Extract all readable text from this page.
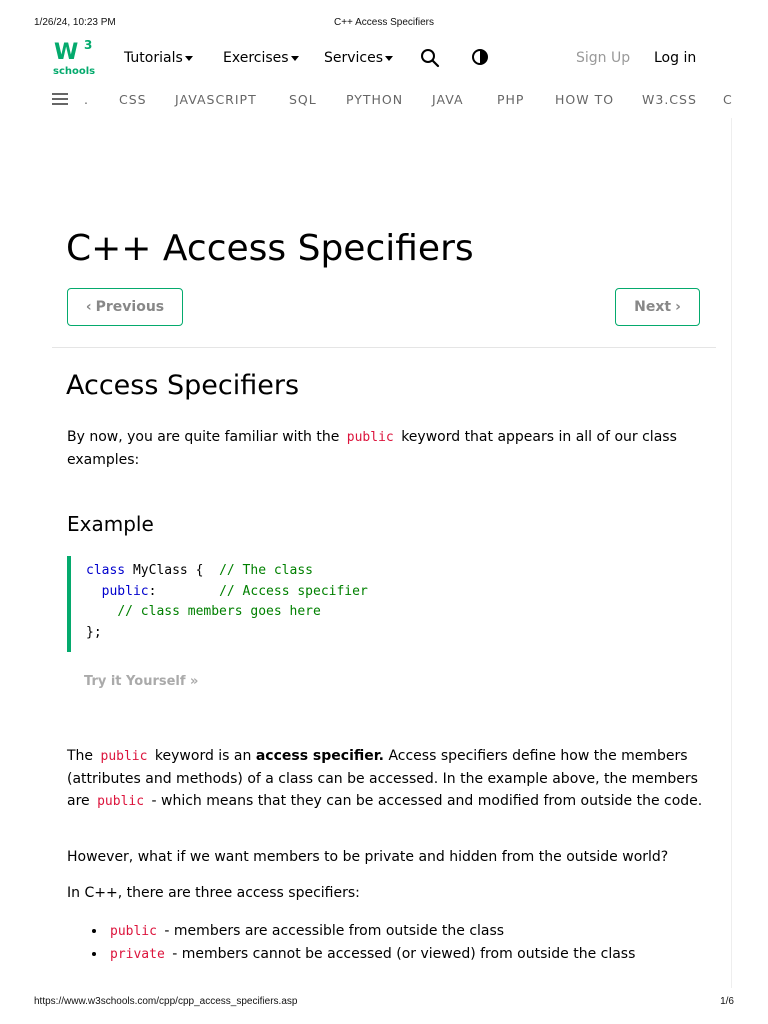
1/26/24, 10:23 PM	C++ Access Specifiers
W 3
schools
Tutorials	Exercises	Services	Sign Up Log in
. CSS JAVASCRIPT	SQL PYTHON JAVA	PHP HOW TO W3.CSS C
C++ Access Specifiers
‹ Previous	Next ›
Access Specifiers
By now, you are quite familiar with the public keyword that appears in all of our class examples:
Example
class MyClass {  // The class
public:        // Access specifier
// class members goes here
};
Try it Yourself »
The public keyword is an access specifier. Access specifiers define how the members (attributes and methods) of a class can be accessed. In the example above, the members are public - which means that they can be accessed and modified from outside the code.
However, what if we want members to be private and hidden from the outside world?
In C++, there are three access specifiers:
• public - members are accessible from outside the class
• private - members cannot be accessed (or viewed) from outside the class
https://www.w3schools.com/cpp/cpp_access_specifiers.asp	1/6
